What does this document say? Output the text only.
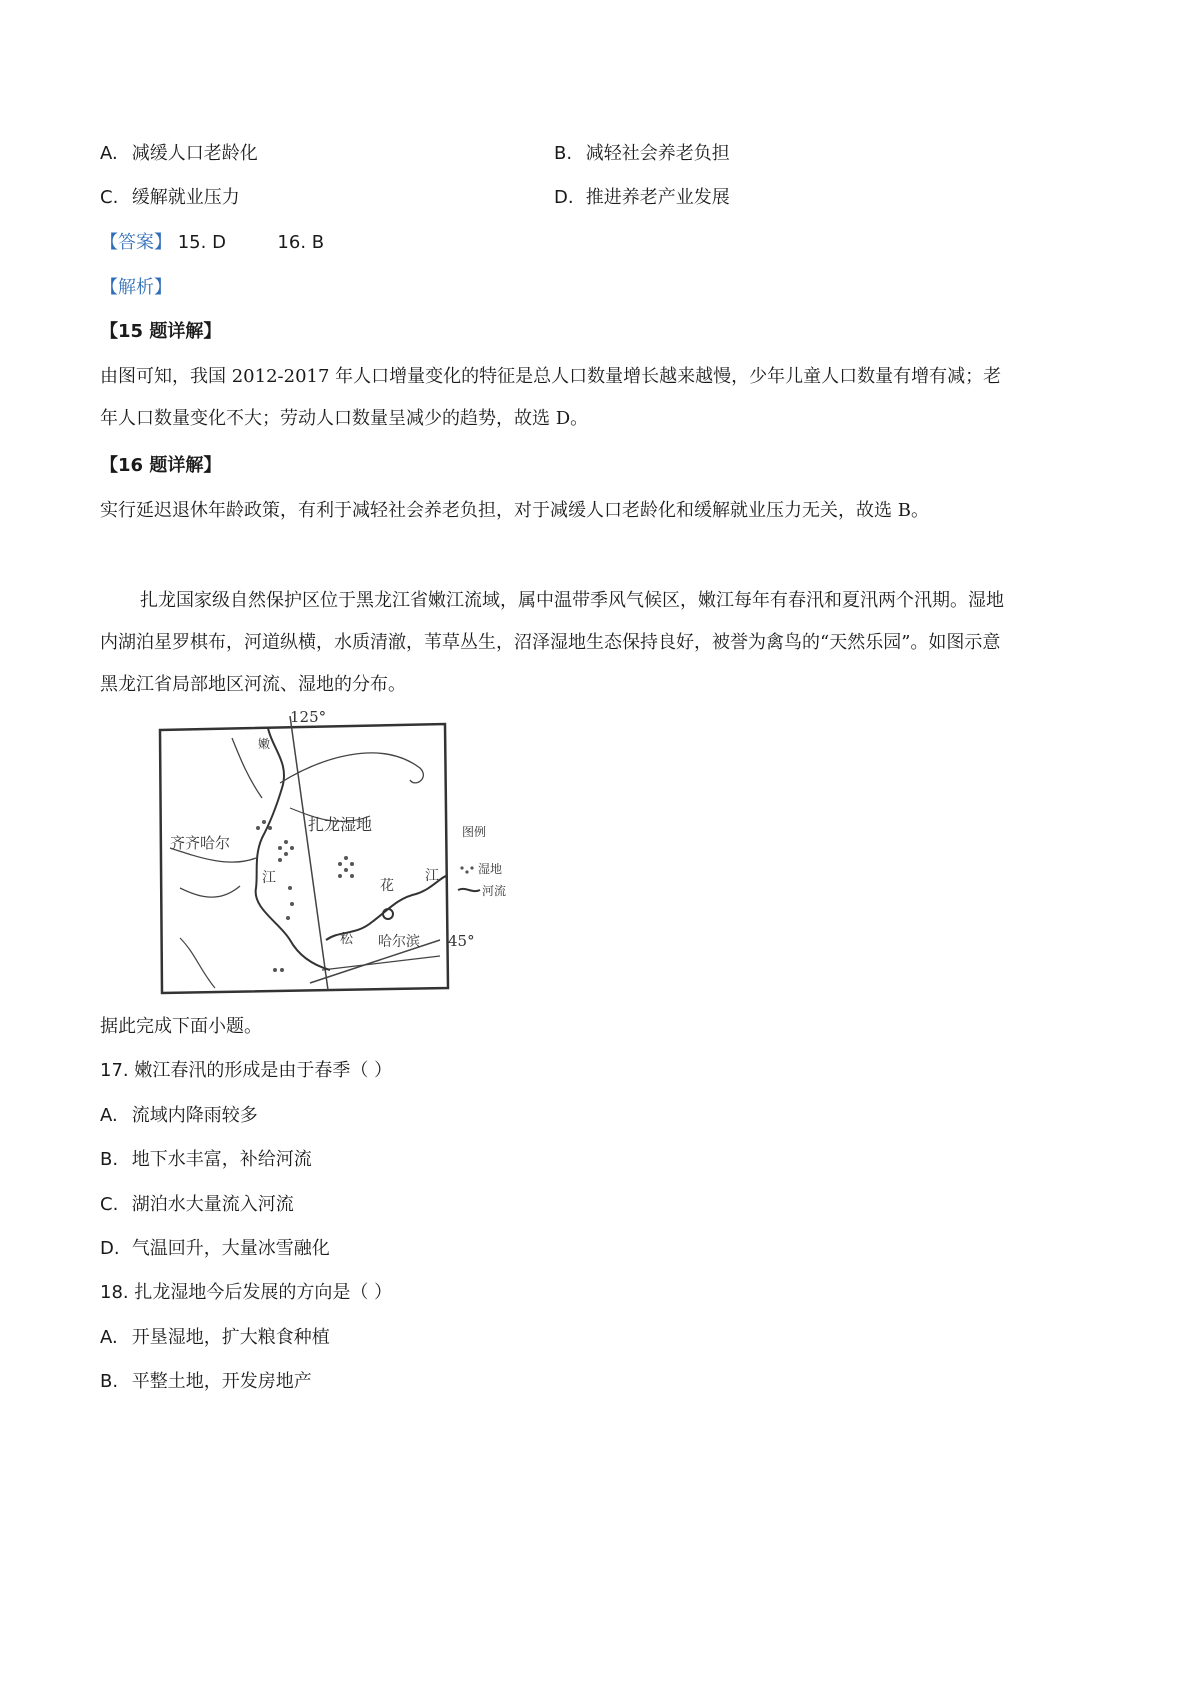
A. 减缓人口老龄化	B. 减轻社会养老负担
C. 缓解就业压力	D. 推进养老产业发展
【答案】 15. D	16. B
【解析】
【15 题详解】
由图可知，我国 2012-2017 年人口增量变化的特征是总人口数量增长越来越慢，少年儿童人口数量有增有减；老年人口数量变化不大；劳动人口数量呈减少的趋势，故选 D。
【16 题详解】
实行延迟退休年龄政策，有利于减轻社会养老负担，对于减缓人口老龄化和缓解就业压力无关，故选 B。
扎龙国家级自然保护区位于黑龙江省嫩江流域，属中温带季风气候区，嫩江每年有春汛和夏汛两个汛期。湿地内湖泊星罗棋布，河道纵横，水质清澈，苇草丛生，沼泽湿地生态保持良好，被誉为禽鸟的“天然乐园”。如图示意黑龙江省局部地区河流、湿地的分布。
125°
45°
嫩
扎龙湿地
齐齐哈尔
江	花
江
松 哈尔滨
图例
湿地
河流
据此完成下面小题。
17. 嫩江春汛的形成是由于春季（ ）
A. 流域内降雨较多
B. 地下水丰富，补给河流
C. 湖泊水大量流入河流
D. 气温回升，大量冰雪融化
18. 扎龙湿地今后发展的方向是（ ）
A. 开垦湿地，扩大粮食种植
B. 平整土地，开发房地产
